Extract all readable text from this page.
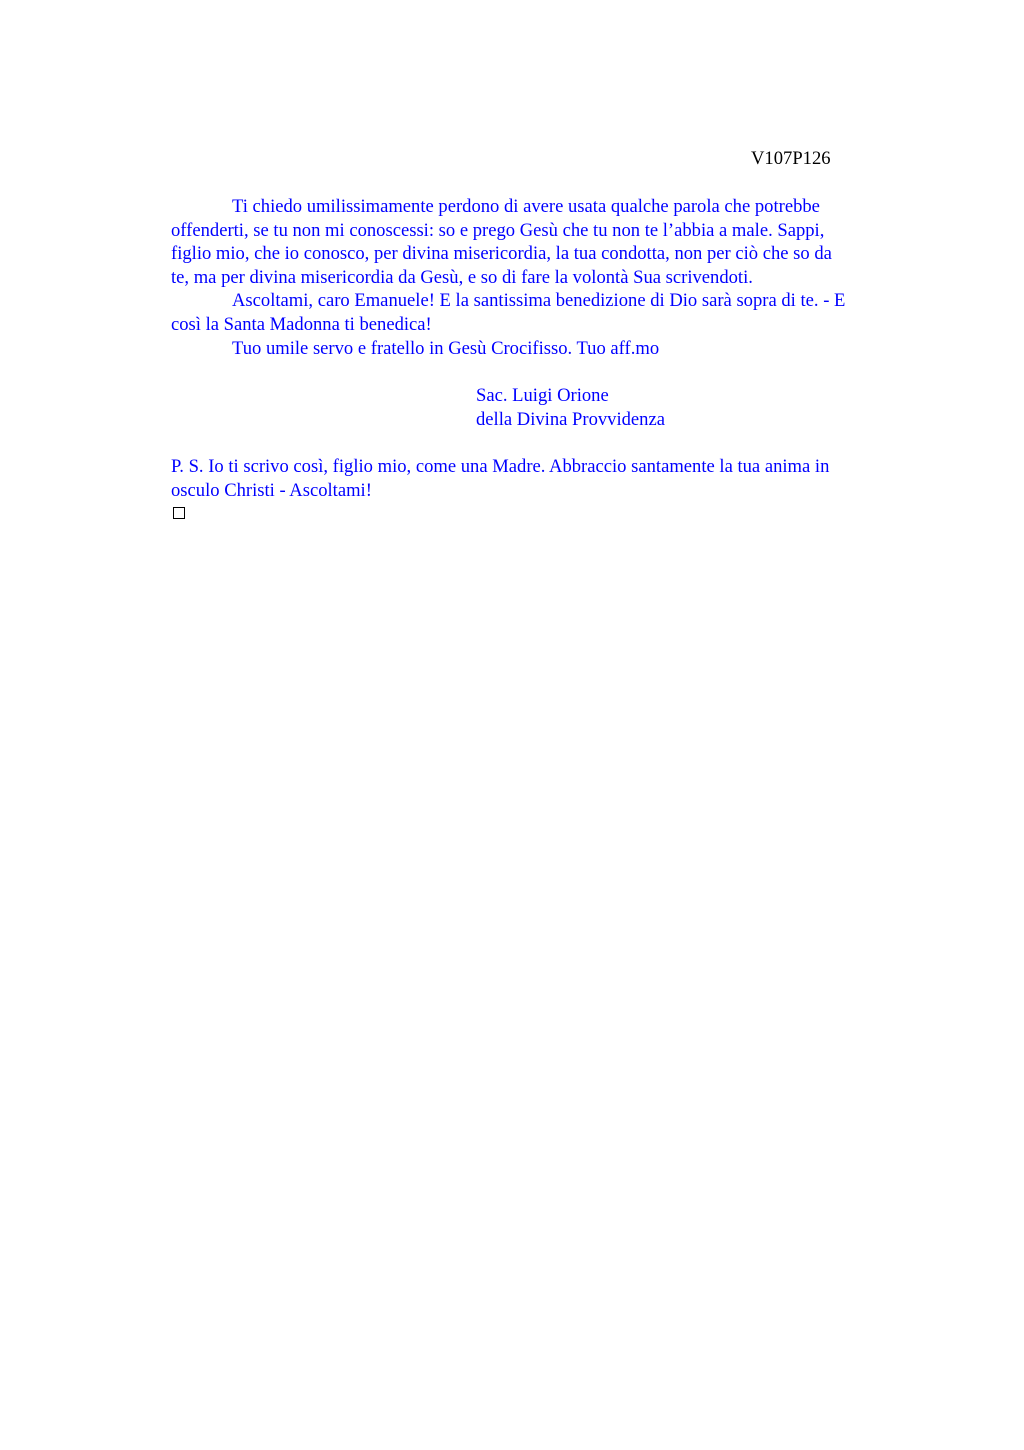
V107P126
Ti chiedo umilissimamente perdono di avere usata qualche parola che potrebbe
offenderti, se tu non mi conoscessi: so e prego Gesù che tu non te l’abbia a male. Sappi,
figlio mio, che io conosco, per divina misericordia, la tua condotta, non per ciò che so da
te, ma per divina misericordia da Gesù, e so di fare la volontà Sua scrivendoti.
Ascoltami, caro Emanuele! E la santissima benedizione di Dio sarà sopra di te. - E
così la Santa Madonna ti benedica!
Tuo umile servo e fratello in Gesù Crocifisso. Tuo aff.mo
Sac. Luigi Orione
della Divina Provvidenza
P. S. Io ti scrivo così, figlio mio, come una Madre. Abbraccio santamente la tua anima in
osculo Christi - Ascoltami!
